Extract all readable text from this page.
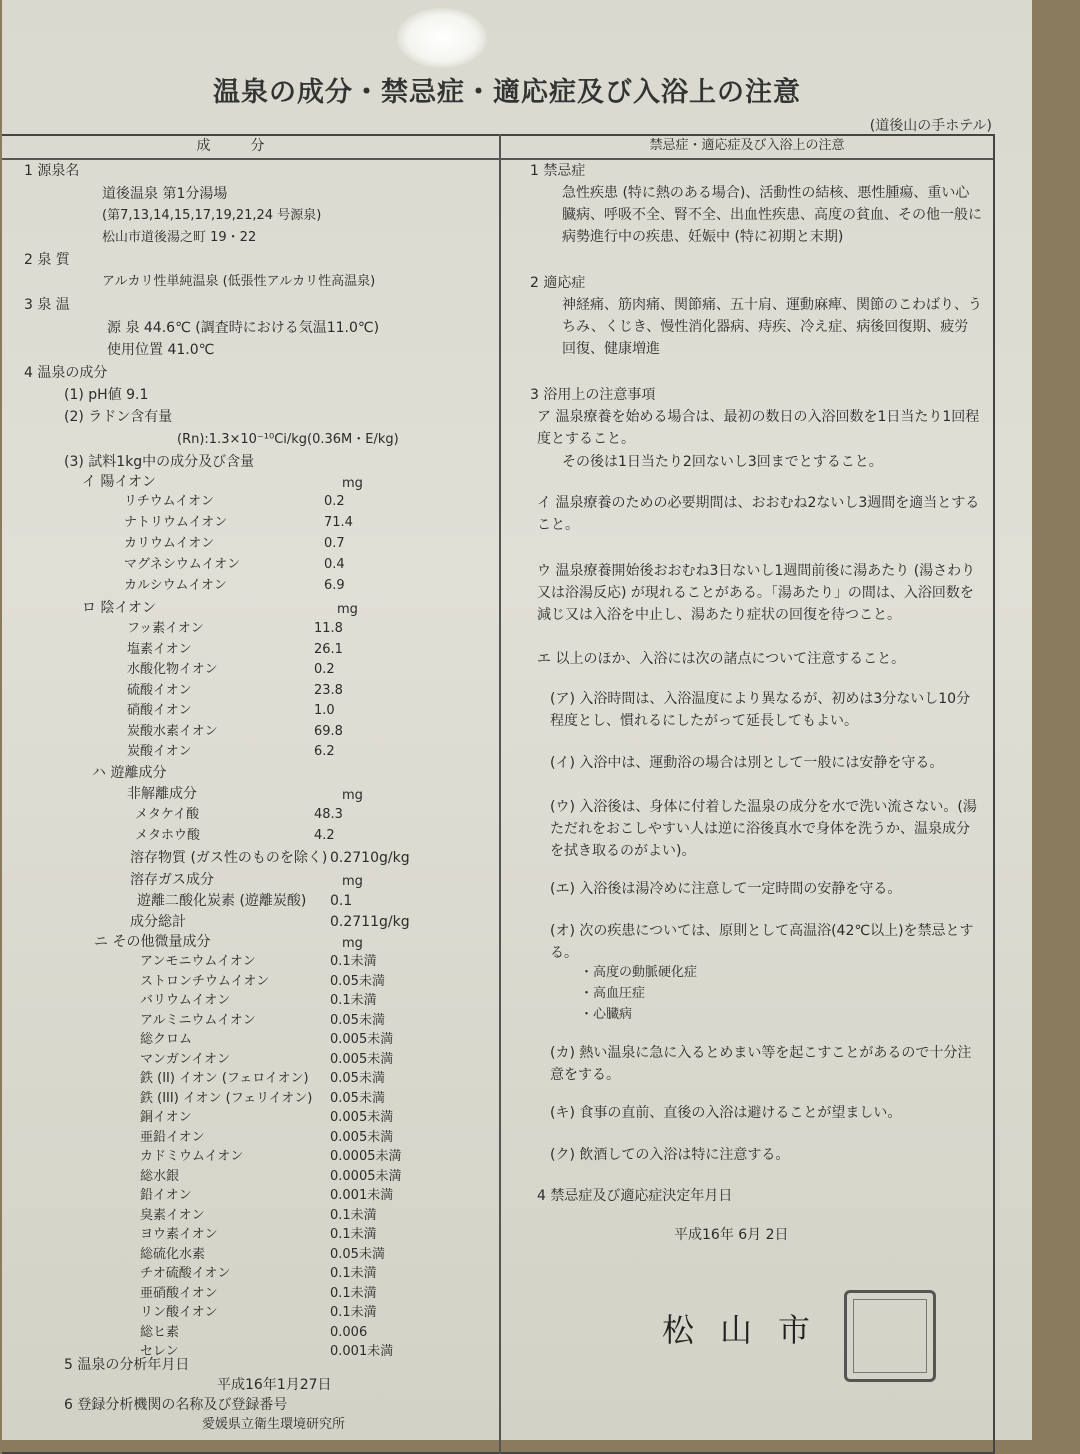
温泉の成分・禁忌症・適応症及び入浴上の注意
(道後山の手ホテル)
成分	禁忌症・適応症及び入浴上の注意
1 源泉名
道後温泉 第1分湯場
(第7,13,14,15,17,19,21,24 号源泉)
松山市道後湯之町 19・22
2 泉 質
アルカリ性単純温泉 (低張性アルカリ性高温泉)
3 泉 温
源 泉 44.6℃ (調査時における気温11.0℃)
使用位置 41.0℃
4 温泉の成分
(1) pH値 9.1
(2) ラドン含有量
(Rn):1.3×10⁻¹⁰Ci/kg(0.36M・E/kg)
(3) 試料1kg中の成分及び含量
イ 陽イオン	mg
リチウムイオン	0.2
ナトリウムイオン	71.4
カリウムイオン	0.7
マグネシウムイオン	0.4
カルシウムイオン	6.9
ロ 陰イオン	mg
フッ素イオン	11.8
塩素イオン	26.1
水酸化物イオン	0.2
硫酸イオン	23.8
硝酸イオン	1.0
炭酸水素イオン	69.8
炭酸イオン	6.2
ハ 遊離成分
非解離成分	mg
メタケイ酸	48.3
メタホウ酸	4.2
溶存物質 (ガス性のものを除く) 0.2710g/kg
溶存ガス成分	mg
遊離二酸化炭素 (遊離炭酸) 0.1
成分総計	0.2711g/kg
ニ その他微量成分	mg
アンモニウムイオン	0.1未満
ストロンチウムイオン	0.05未満
バリウムイオン	0.1未満
アルミニウムイオン	0.05未満
総クロム	0.005未満
マンガンイオン	0.005未満
鉄 (II) イオン (フェロイオン) 0.05未満
鉄 (III) イオン (フェリイオン) 0.05未満
銅イオン	0.005未満
亜鉛イオン	0.005未満
カドミウムイオン	0.0005未満
総水銀	0.0005未満
鉛イオン	0.001未満
臭素イオン	0.1未満
ヨウ素イオン	0.1未満
総硫化水素	0.05未満
チオ硫酸イオン	0.1未満
亜硝酸イオン	0.1未満
リン酸イオン	0.1未満
総ヒ素	0.006
セレン	0.001未満
5 温泉の分析年月日
平成16年1月27日
6 登録分析機関の名称及び登録番号
愛媛県立衛生環境研究所
1 禁忌症
急性疾患 (特に熱のある場合)、活動性の結核、悪性腫瘍、重い心臓病、呼吸不全、腎不全、出血性疾患、高度の貧血、その他一般に病勢進行中の疾患、妊娠中 (特に初期と末期)
2 適応症
神経痛、筋肉痛、関節痛、五十肩、運動麻痺、関節のこわばり、うちみ、くじき、慢性消化器病、痔疾、冷え症、病後回復期、疲労回復、健康増進
3 浴用上の注意事項
ア 温泉療養を始める場合は、最初の数日の入浴回数を1日当たり1回程度とすること。
その後は1日当たり2回ないし3回までとすること。
イ 温泉療養のための必要期間は、おおむね2ないし3週間を適当とすること。
ウ 温泉療養開始後おおむね3日ないし1週間前後に湯あたり (湯さわり又は浴湯反応) が現れることがある。「湯あたり」の間は、入浴回数を減じ又は入浴を中止し、湯あたり症状の回復を待つこと。
エ 以上のほか、入浴には次の諸点について注意すること。
(ア) 入浴時間は、入浴温度により異なるが、初めは3分ないし10分程度とし、慣れるにしたがって延長してもよい。
(イ) 入浴中は、運動浴の場合は別として一般には安静を守る。
(ウ) 入浴後は、身体に付着した温泉の成分を水で洗い流さない。(湯ただれをおこしやすい人は逆に浴後真水で身体を洗うか、温泉成分を拭き取るのがよい)。
(エ) 入浴後は湯冷めに注意して一定時間の安静を守る。
(オ) 次の疾患については、原則として高温浴(42℃以上)を禁忌とする。
・高度の動脈硬化症
・高血圧症
・心臓病
(カ) 熱い温泉に急に入るとめまい等を起こすことがあるので十分注意をする。
(キ) 食事の直前、直後の入浴は避けることが望ましい。
(ク) 飲酒しての入浴は特に注意する。
4 禁忌症及び適応症決定年月日
平成16年 6月 2日
松山市
